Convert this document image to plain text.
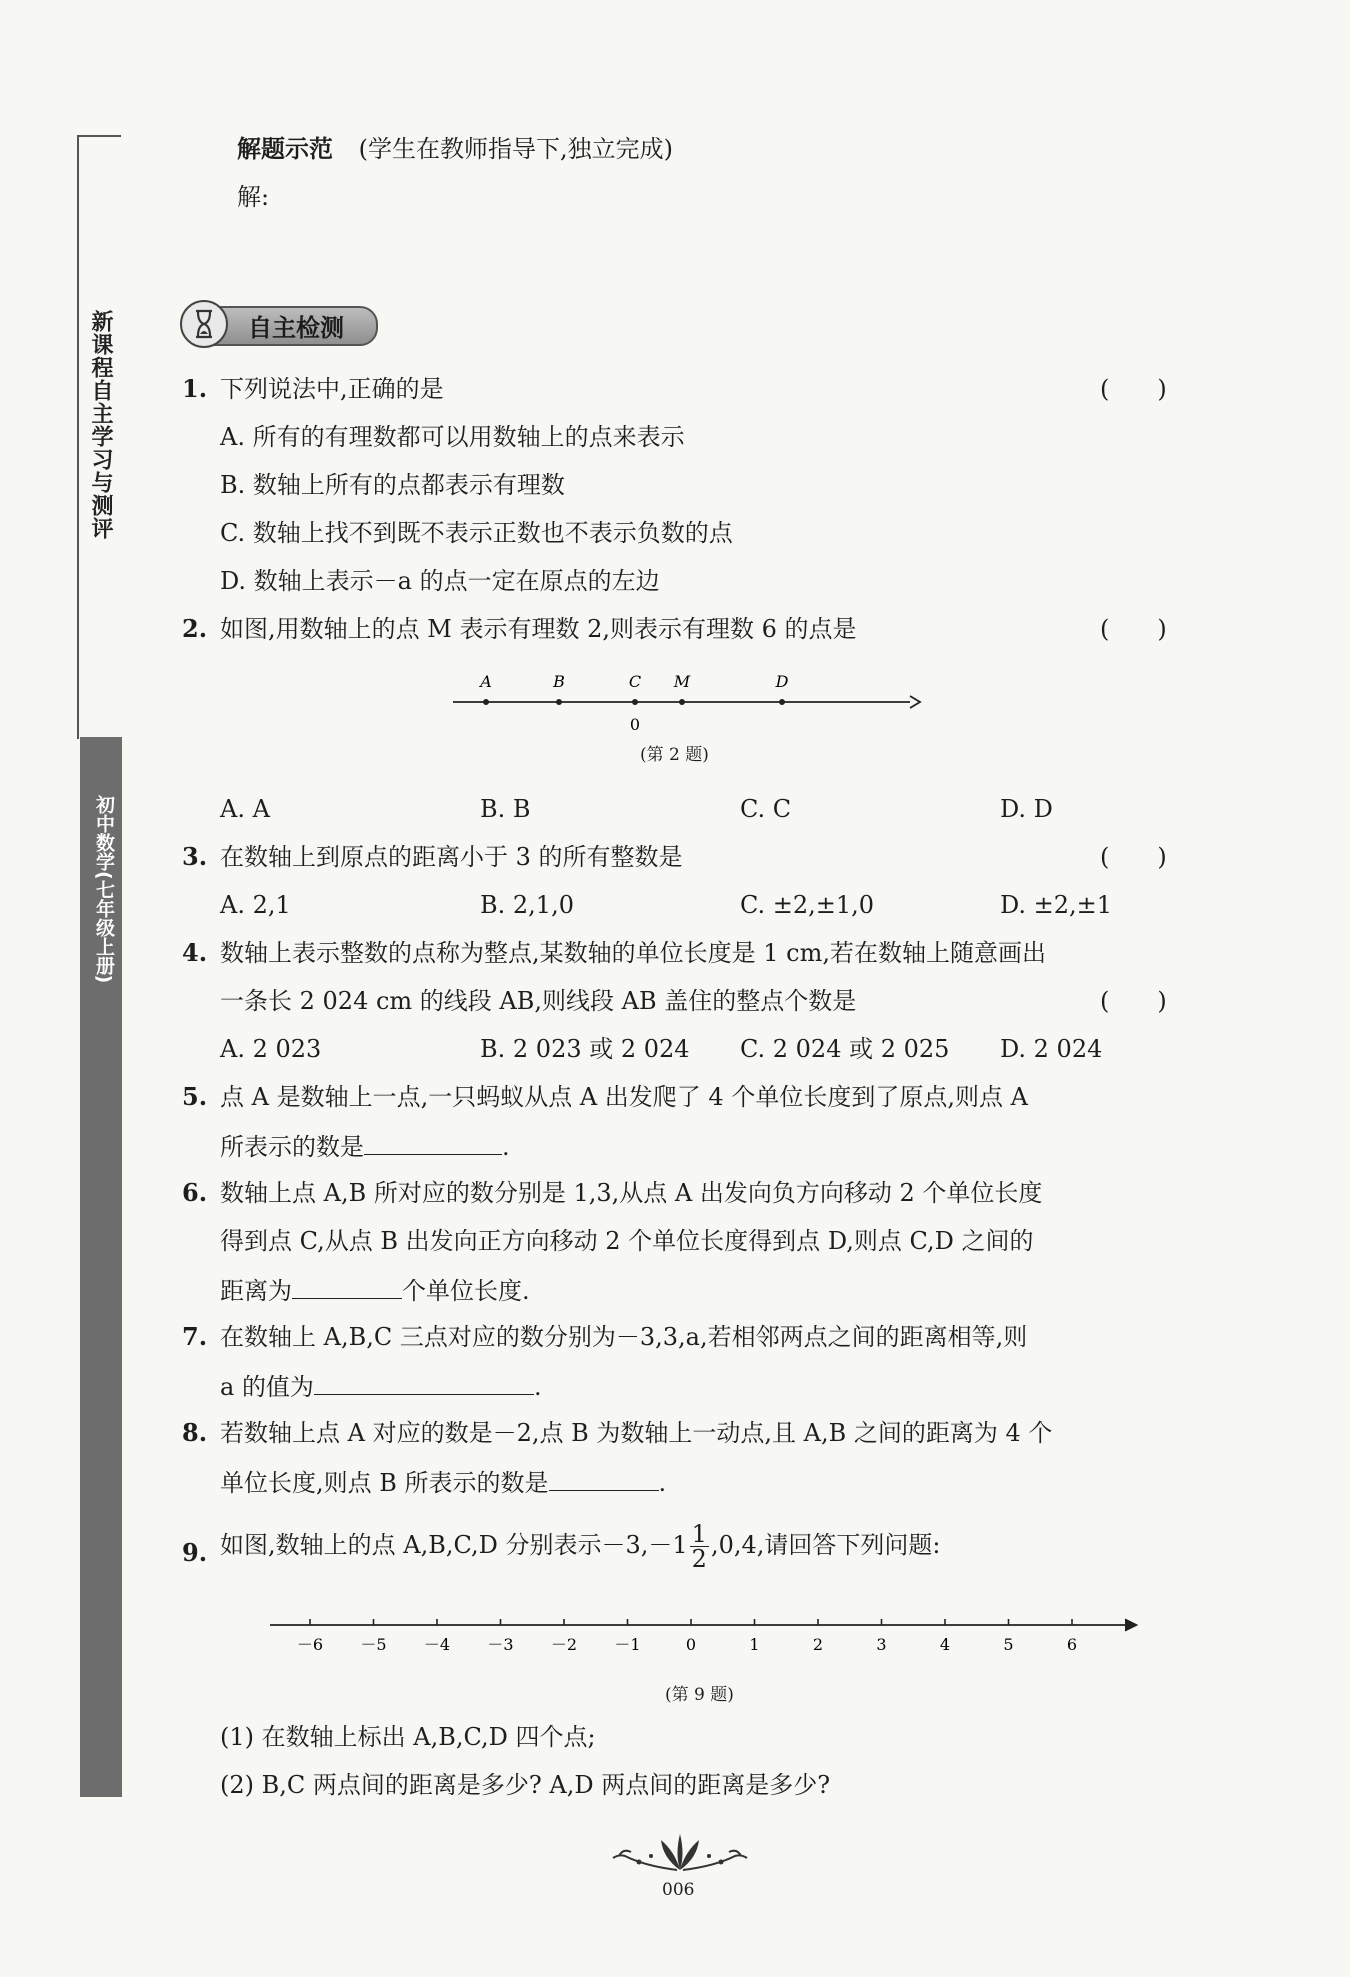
新课程自主学习与测评
初中数学(七年级上册)
解题示范 (学生在教师指导下,独立完成)
解:
自主检测
1. 下列说法中,正确的是	(　　)
A. 所有的有理数都可以用数轴上的点来表示
B. 数轴上所有的点都表示有理数
C. 数轴上找不到既不表示正数也不表示负数的点
D. 数轴上表示－a 的点一定在原点的左边
2. 如图,用数轴上的点 M 表示有理数 2,则表示有理数 6 的点是	(　　)
A	B	C M	D
0
(第 2 题)
A. A	B. B	C. C	D. D
3. 在数轴上到原点的距离小于 3 的所有整数是	(　　)
A. 2,1	B. 2,1,0	C. ±2,±1,0	D. ±2,±1
4. 数轴上表示整数的点称为整点,某数轴的单位长度是 1 cm,若在数轴上随意画出
一条长 2 024 cm 的线段 AB,则线段 AB 盖住的整点个数是	(　　)
A. 2 023	B. 2 023 或 2 024 C. 2 024 或 2 025 D. 2 024
5. 点 A 是数轴上一点,一只蚂蚁从点 A 出发爬了 4 个单位长度到了原点,则点 A
所表示的数是	.
6. 数轴上点 A,B 所对应的数分别是 1,3,从点 A 出发向负方向移动 2 个单位长度
得到点 C,从点 B 出发向正方向移动 2 个单位长度得到点 D,则点 C,D 之间的
距离为	个单位长度.
7. 在数轴上 A,B,C 三点对应的数分别为－3,3,a,若相邻两点之间的距离相等,则
a 的值为	.
8. 若数轴上点 A 对应的数是－2,点 B 为数轴上一动点,且 A,B 之间的距离为 4 个
单位长度,则点 B 所表示的数是	.
9. 如图,数轴上的点 A,B,C,D 分别表示$-3,-1 \frac{1}{2} ,0,4$,请回答下列问题:
－6 －5 －4 －3 －2 －1	0	1	2	3	4	5	6
(第 9 题)
(1) 在数轴上标出 A,B,C,D 四个点;
(2) B,C 两点间的距离是多少? A,D 两点间的距离是多少?
006
